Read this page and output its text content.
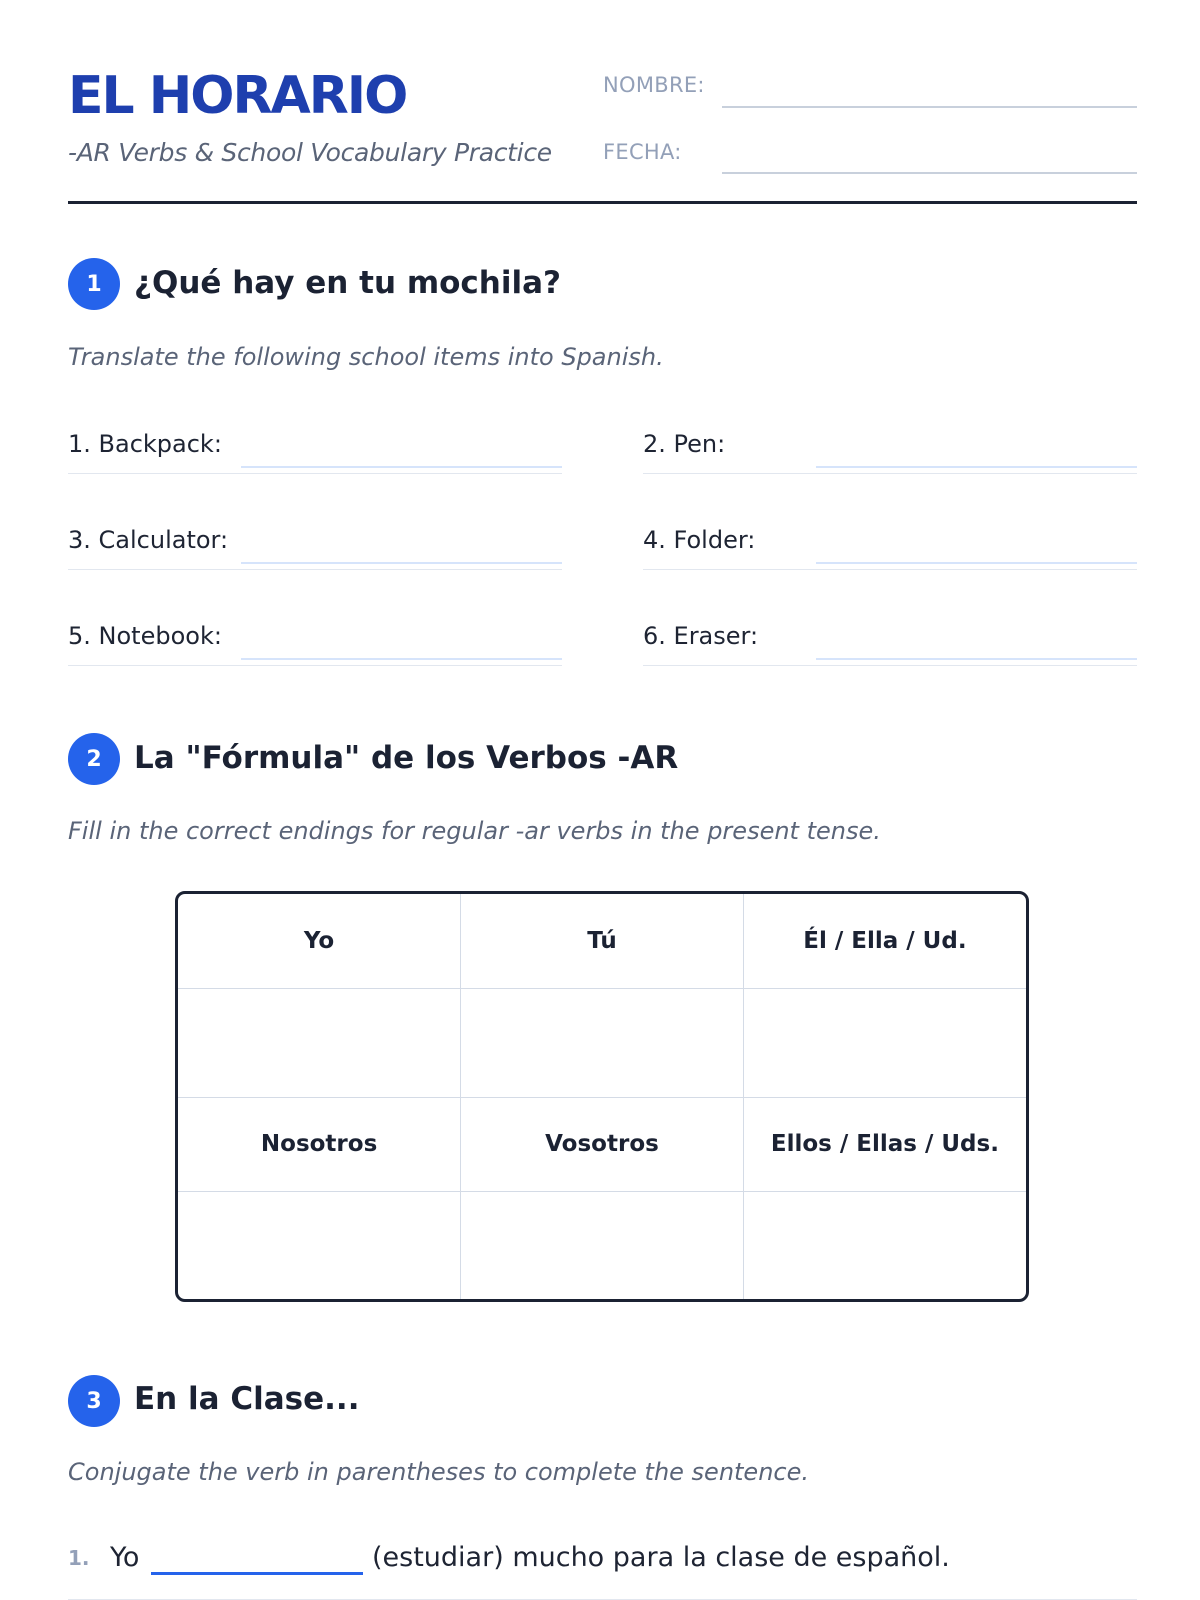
EL HORARIO
-AR Verbs & School Vocabulary Practice
NOMBRE:
FECHA:
1	¿Qué hay en tu mochila?
Translate the following school items into Spanish.
1. Backpack:	2. Pen:
3. Calculator:	4. Folder:
5. Notebook:	6. Eraser:
2	La "Fórmula" de los Verbos -AR
Fill in the correct endings for regular -ar verbs in the present tense.
Yo	Tú	Él / Ella / Ud.

Nosotros	Vosotros	Ellos / Ellas / Uds.

3	En la Clase...
Conjugate the verb in parentheses to complete the sentence.
1. Yo	(estudiar) mucho para la clase de español.
